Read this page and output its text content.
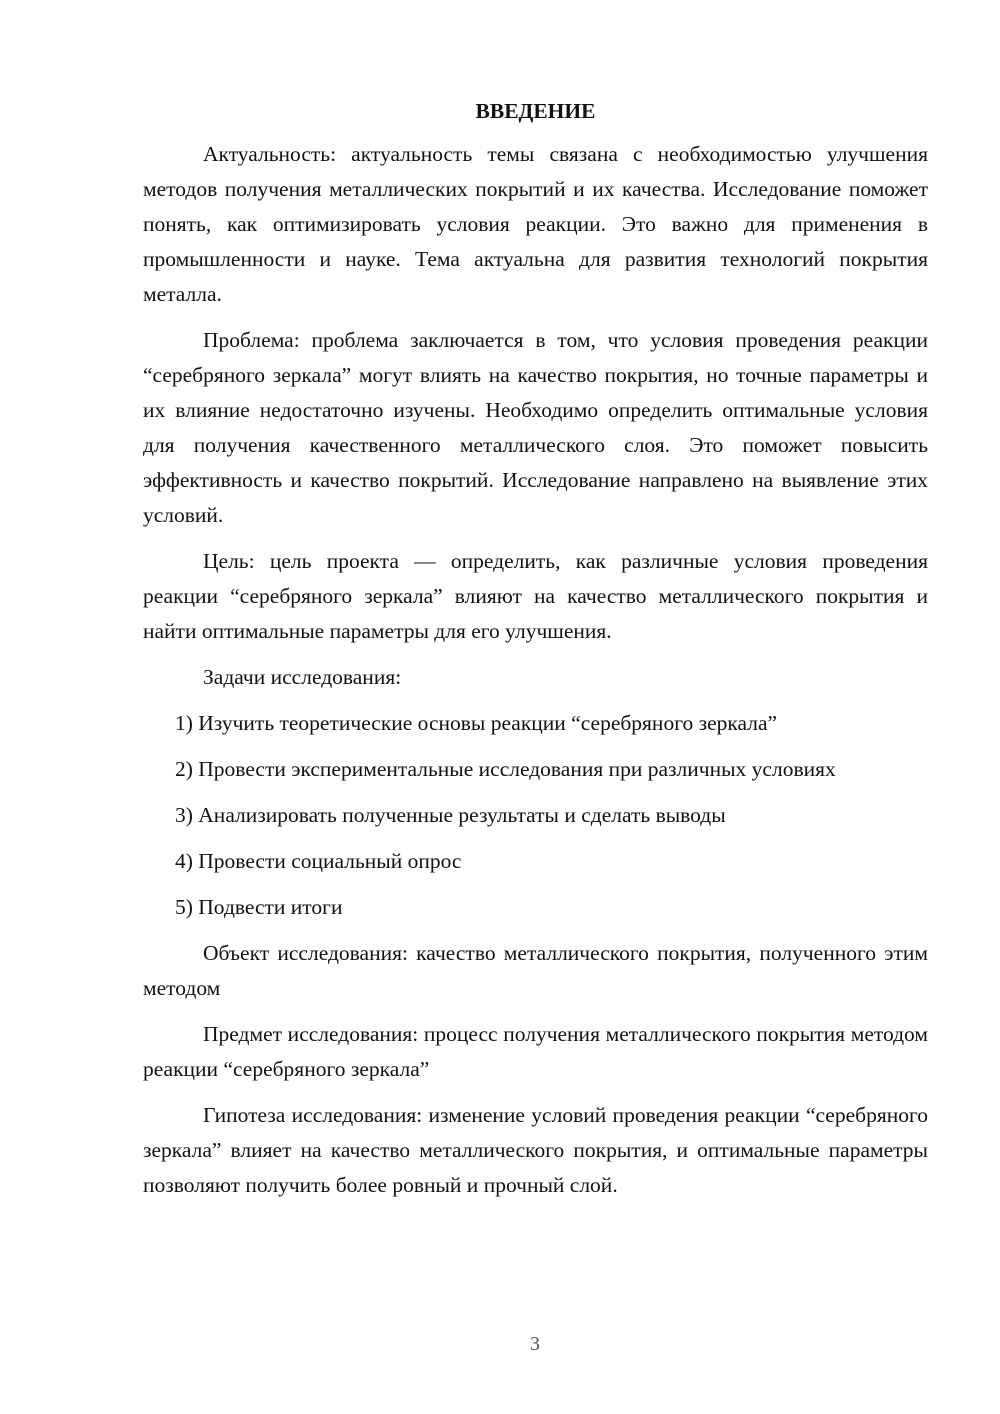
ВВЕДЕНИЕ

Актуальность: актуальность темы связана с необходимостью улучшения методов получения металлических покрытий и их качества. Исследование поможет понять, как оптимизировать условия реакции. Это важно для применения в промышленности и науке. Тема актуальна для развития технологий покрытия металла.

Проблема: проблема заключается в том, что условия проведения реакции “серебряного зеркала” могут влиять на качество покрытия, но точные параметры и их влияние недостаточно изучены. Необходимо определить оптимальные условия для получения качественного металлического слоя. Это поможет повысить эффективность и качество покрытий. Исследование направлено на выявление этих условий.

Цель: цель проекта — определить, как различные условия проведения реакции “серебряного зеркала” влияют на качество металлического покрытия и найти оптимальные параметры для его улучшения.

Задачи исследования:

1) Изучить теоретические основы реакции “серебряного зеркала”

2) Провести экспериментальные исследования при различных условиях

3) Анализировать полученные результаты и сделать выводы

4) Провести социальный опрос

5) Подвести итоги

Объект исследования: качество металлического покрытия, полученного этим методом

Предмет исследования: процесс получения металлического покрытия методом реакции “серебряного зеркала”

Гипотеза исследования: изменение условий проведения реакции “серебряного зеркала” влияет на качество металлического покрытия, и оптимальные параметры позволяют получить более ровный и прочный слой.

3
